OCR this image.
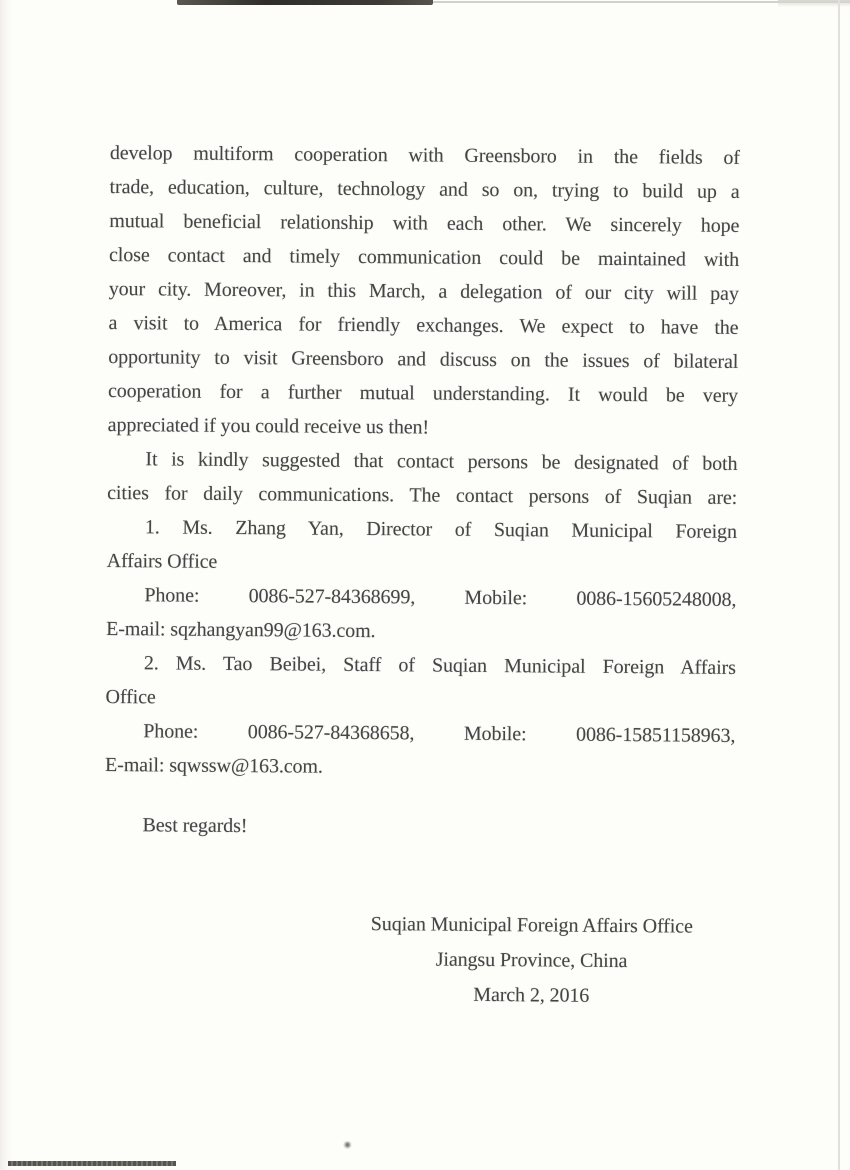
develop multiform cooperation with Greensboro in the fields of
trade, education, culture, technology and so on, trying to build up a
mutual beneficial relationship with each other. We sincerely hope
close contact and timely communication could be maintained with
your city. Moreover, in this March, a delegation of our city will pay
a visit to America for friendly exchanges. We expect to have the
opportunity to visit Greensboro and discuss on the issues of bilateral
cooperation for a further mutual understanding. It would be very
appreciated if you could receive us then!
It is kindly suggested that contact persons be designated of both
cities for daily communications. The contact persons of Suqian are:
1. Ms. Zhang Yan, Director of Suqian Municipal Foreign
Affairs Office
Phone: 0086-527-84368699, Mobile: 0086-15605248008,
E-mail: sqzhangyan99@163.com.
2. Ms. Tao Beibei, Staff of Suqian Municipal Foreign Affairs
Office
Phone: 0086-527-84368658, Mobile: 0086-15851158963,
E-mail: sqwssw@163.com.
Best regards!
Suqian Municipal Foreign Affairs Office
Jiangsu Province, China
March 2, 2016
